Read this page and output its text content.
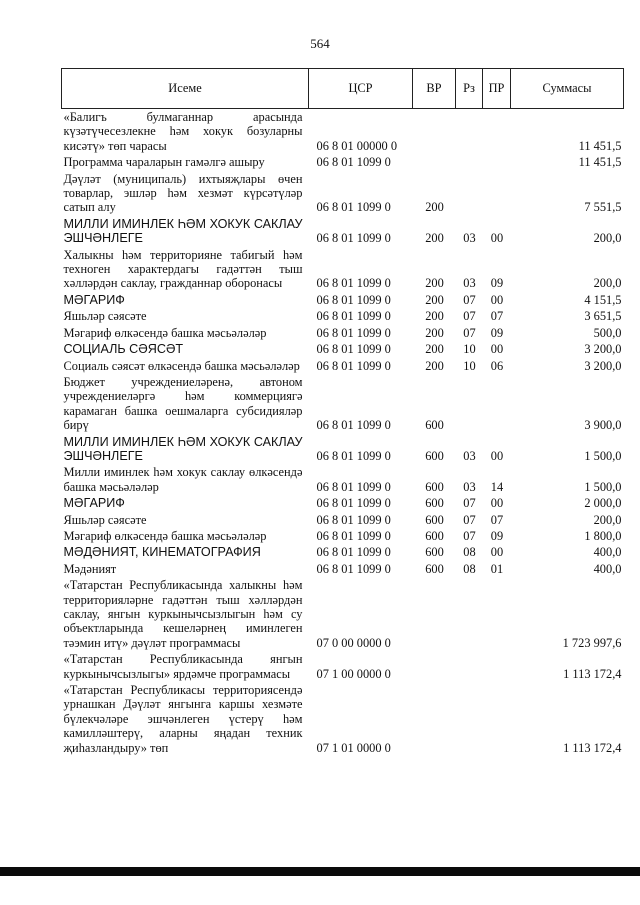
564
Исеме	ЦСР	ВР	Рз	ПР	Суммасы
«Балигъ булмаганнар арасында күзәтүчесезлекне һәм хокук бозуларны кисәтү» төп чарасы	06 8 01 00000 0				11 451,5
Программа чараларын гамәлгә ашыру	06 8 01 1099 0				11 451,5
Дәүләт (муниципаль) ихтыяҗлары өчен товарлар, эшләр һәм хезмәт күрсәтүләр сатып алу	06 8 01 1099 0	200			7 551,5
МИЛЛИ ИМИНЛЕК ҺӘМ ХОКУК САКЛАУ ЭШЧӘНЛЕГЕ	06 8 01 1099 0	200	03	00	200,0
Халыкны һәм территорияне табигый һәм техноген характердагы гадәттән тыш хәлләрдән саклау, гражданнар оборонасы	06 8 01 1099 0	200	03	09	200,0
МӘГАРИФ	06 8 01 1099 0	200	07	00	4 151,5
Яшьләр сәясәте	06 8 01 1099 0	200	07	07	3 651,5
Мәгариф өлкәсендә башка мәсьәләләр	06 8 01 1099 0	200	07	09	500,0
СОЦИАЛЬ СӘЯСӘТ	06 8 01 1099 0	200	10	00	3 200,0
Социаль сәясәт өлкәсендә башка мәсьәләләр	06 8 01 1099 0	200	10	06	3 200,0
Бюджет учреждениеләренә, автоном учреждениеләргә һәм коммерциягә карамаган башка оешмаларга субсидияләр бирү	06 8 01 1099 0	600			3 900,0
МИЛЛИ ИМИНЛЕК ҺӘМ ХОКУК САКЛАУ ЭШЧӘНЛЕГЕ	06 8 01 1099 0	600	03	00	1 500,0
Милли иминлек һәм хокук саклау өлкәсендә башка мәсьәләләр	06 8 01 1099 0	600	03	14	1 500,0
МӘГАРИФ	06 8 01 1099 0	600	07	00	2 000,0
Яшьләр сәясәте	06 8 01 1099 0	600	07	07	200,0
Мәгариф өлкәсендә башка мәсьәләләр	06 8 01 1099 0	600	07	09	1 800,0
МӘДӘНИЯТ, КИНЕМАТОГРАФИЯ	06 8 01 1099 0	600	08	00	400,0
Мәдәният	06 8 01 1099 0	600	08	01	400,0
«Татарстан Республикасында халыкны һәм территорияләрне гадәттән тыш хәлләрдән саклау, янгын куркынычсызлыгын һәм су объектларында кешеләрнең иминлеген тәэмин итү» дәүләт программасы	07 0 00 0000 0				1 723 997,6
«Татарстан Республикасында янгын куркынычсызлыгы» ярдәмче программасы	07 1 00 0000 0				1 113 172,4
«Татарстан Республикасы территориясендә урнашкан Дәүләт янгынга каршы хезмәте бүлекчәләре эшчәнлеген үстерү һәм камилләштерү, аларны яңадан техник җиһазландыру» төп	07 1 01 0000 0				1 113 172,4
